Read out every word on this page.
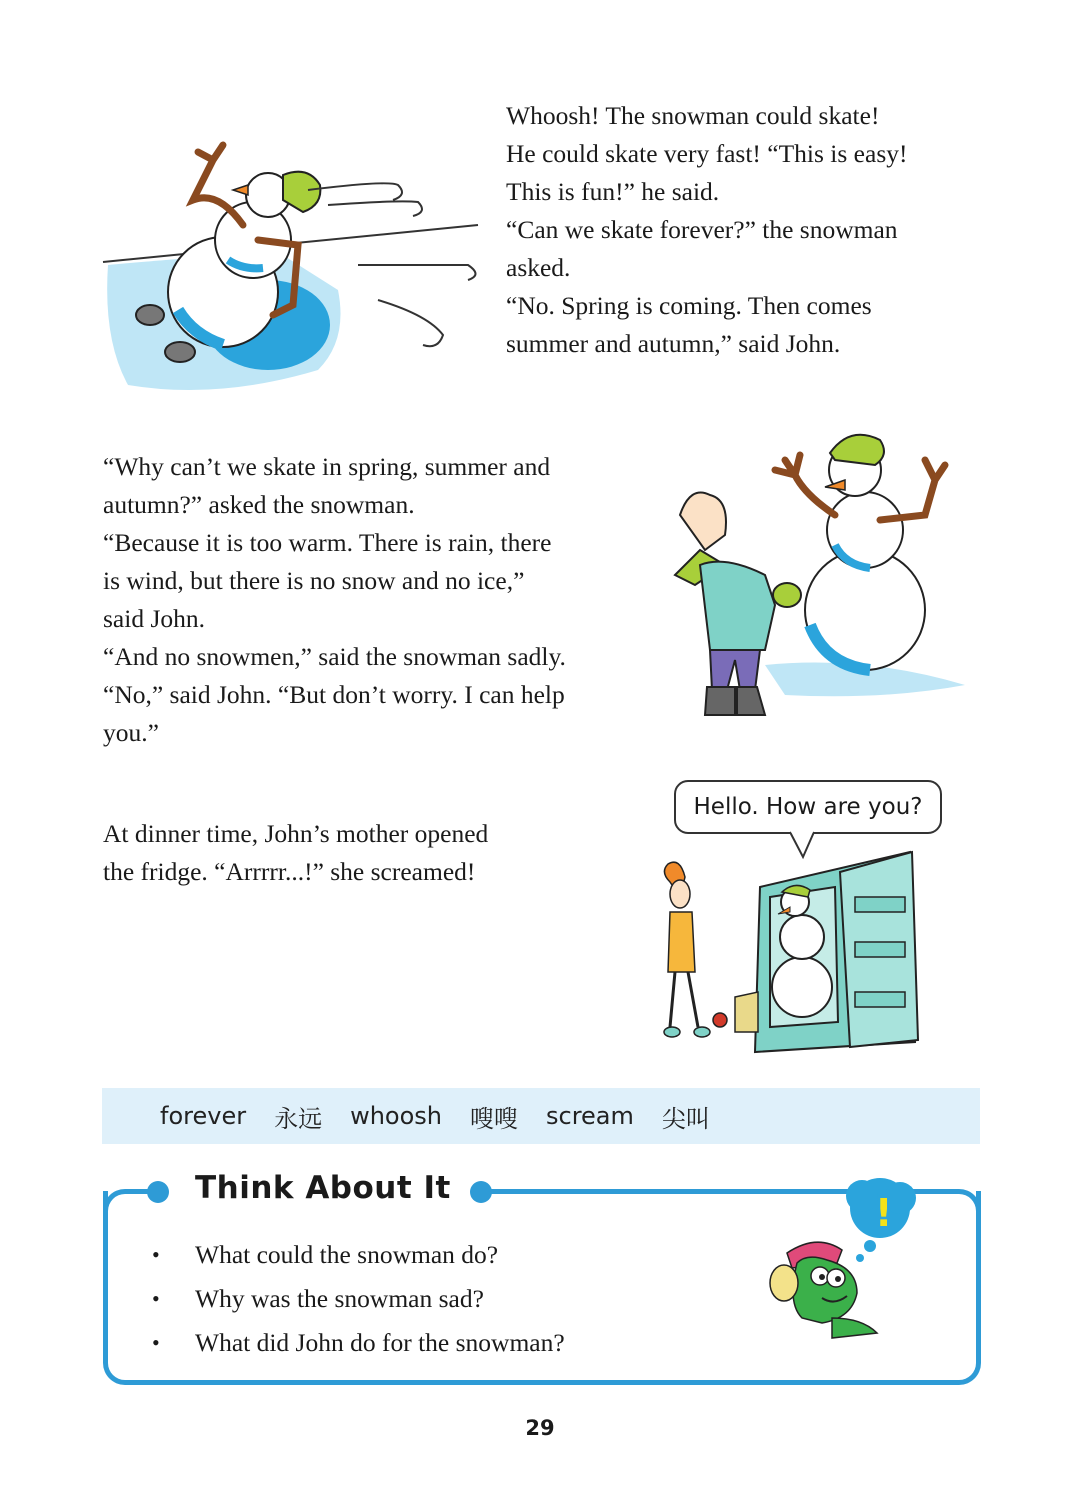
Whoosh! The snowman could skate!

He could skate very fast! “This is easy!

This is fun!” he said.

“Can we skate forever?” the snowman

asked.

“No. Spring is coming. Then comes

summer and autumn,” said John.

“Why can’t we skate in spring, summer and

autumn?” asked the snowman.

“Because it is too warm. There is rain, there

is wind, but there is no snow and no ice,”

said John.

“And no snowmen,” said the snowman sadly.

“No,” said John. “But don’t worry. I can help

you.”

At dinner time, John’s mother opened

the fridge. “Arrrrr...!” she screamed!

Hello. How are you?
forever 永远 whoosh 嗖嗖 scream 尖叫
Think About It
• What could the snowman do?
• Why was the snowman sad?
• What did John do for the snowman?
!
29
